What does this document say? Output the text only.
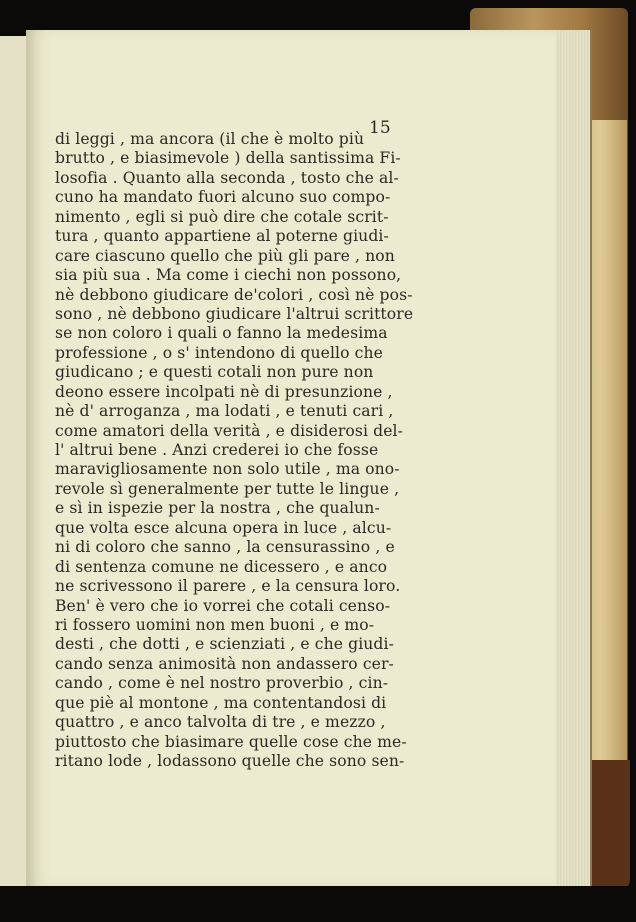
15

di leggi , ma ancora (il che è molto più
brutto , e biasimevole ) della santissima Fi-
losofia . Quanto alla seconda , tosto che al-
cuno ha mandato fuori alcuno suo compo-
nimento , egli si può dire che cotale scrit-
tura , quanto appartiene al poterne giudi-
care ciascuno quello che più gli pare , non
sia più sua . Ma come i ciechi non possono,
nè debbono giudicare de'colori , così nè pos-
sono , nè debbono giudicare l'altrui scrittore
se non coloro i quali o fanno la medesima
professione , o s' intendono di quello che
giudicano ; e questi cotali non pure non
deono essere incolpati nè di presunzione ,
nè d' arroganza , ma lodati , e tenuti cari ,
come amatori della verità , e disiderosi del-
l' altrui bene . Anzi crederei io che fosse
maravigliosamente non solo utile , ma ono-
revole sì generalmente per tutte le lingue ,
e sì in ispezie per la nostra , che qualun-
que volta esce alcuna opera in luce , alcu-
ni di coloro che sanno , la censurassino , e
di sentenza comune ne dicessero , e anco
ne scrivessono il parere , e la censura loro.
Ben' è vero che io vorrei che cotali censo-
ri fossero uomini non men buoni , e mo-
desti , che dotti , e scienziati , e che giudi-
cando senza animosità non andassero cer-
cando , come è nel nostro proverbio , cin-
que piè al montone , ma contentandosi di
quattro , e anco talvolta di tre , e mezzo ,
piuttosto che biasimare quelle cose che me-
ritano lode , lodassono quelle che sono sen-
